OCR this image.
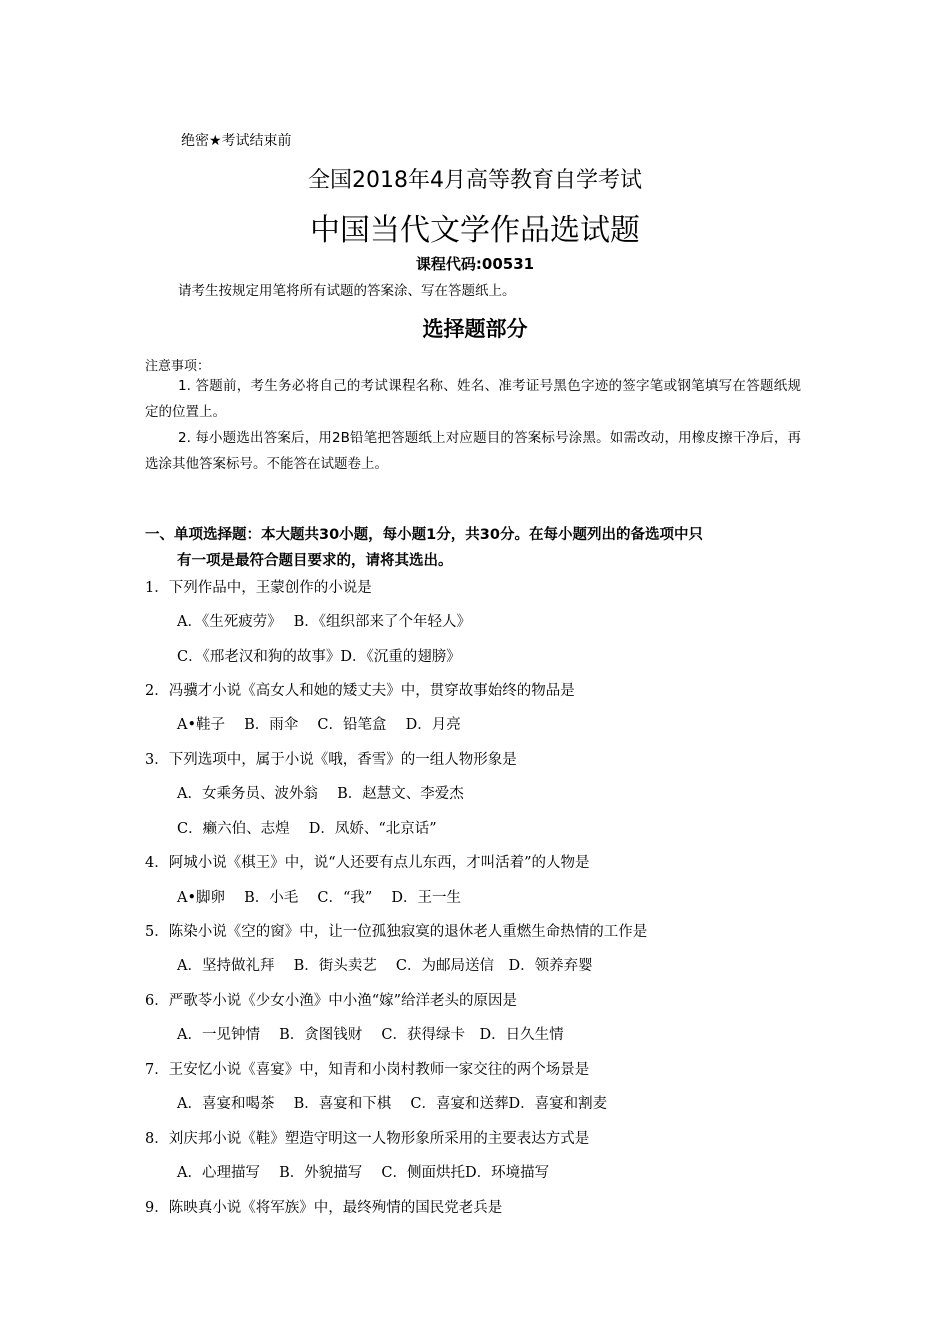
绝密★考试结束前
全国2018年4月高等教育自学考试
中国当代文学作品选试题
课程代码:00531
请考生按规定用笔将所有试题的答案涂、写在答题纸上。
选择题部分
注意事项：
1. 答题前，考生务必将自己的考试课程名称、姓名、准考证号黑色字迹的签字笔或钢笔填写在答题纸规定的位置上。
2. 每小题选出答案后，用2B铅笔把答题纸上对应题目的答案标号涂黑。如需改动，用橡皮擦干净后，再选涂其他答案标号。不能答在试题卷上。
一、单项选择题：本大题共30小题，每小题1分，共30分。在每小题列出的备选项中只
有一项是最符合题目要求的，请将其选出。
1．下列作品中，王蒙创作的小说是
A．《生死疲劳》　 B．《组织部来了个年轻人》
C．《邢老汉和狗的故事》D．《沉重的翅膀》
2．冯骥才小说《高女人和她的矮丈夫》中，贯穿故事始终的物品是
A•鞋子　 B．雨伞　 C．铅笔盒　 D．月亮
3．下列选项中，属于小说《哦，香雪》的一组人物形象是
A．女乘务员、波外翁　 B．赵慧文、李爱杰
C．癞六伯、志煌　 D．凤娇、“北京话”
4．阿城小说《棋王》中，说“人还要有点儿东西，才叫活着”的人物是
A•脚卵　 B．小毛　 C．“我”　 D．王一生
5．陈染小说《空的窗》中，让一位孤独寂寞的退休老人重燃生命热情的工作是
A．坚持做礼拜　 B．街头卖艺　 C．为邮局送信　D．领养弃婴
6．严歌苓小说《少女小渔》中小渔“嫁”给洋老头的原因是
A．一见钟情　 B．贪图钱财　 C．获得绿卡　D．日久生情
7．王安忆小说《喜宴》中，知青和小岗村教师一家交往的两个场景是
A．喜宴和喝茶　 B．喜宴和下棋　 C．喜宴和送葬D．喜宴和割麦
8．刘庆邦小说《鞋》塑造守明这一人物形象所采用的主要表达方式是
A．心理描写　 B．外貌描写　 C．侧面烘托D．环境描写
9．陈映真小说《将军族》中，最终殉情的国民党老兵是
